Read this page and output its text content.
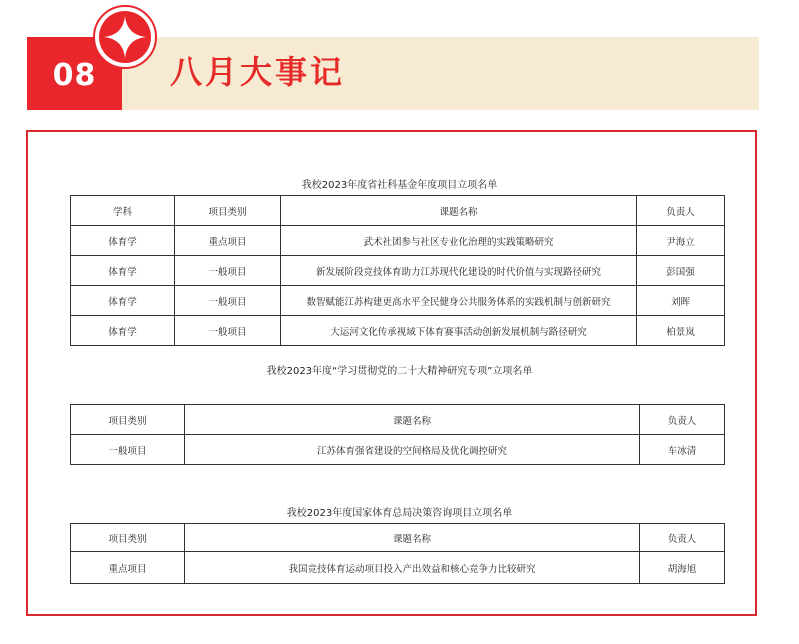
08	八月大事记
我校2023年度省社科基金年度项目立项名单
学科	项目类别	课题名称	负责人
体育学	重点项目	武术社团参与社区专业化治理的实践策略研究	尹海立
体育学	一般项目	新发展阶段竞技体育助力江苏现代化建设的时代价值与实现路径研究	彭国强
体育学	一般项目	数智赋能江苏构建更高水平全民健身公共服务体系的实践机制与创新研究	刘晖
体育学	一般项目	大运河文化传承视域下体育赛事活动创新发展机制与路径研究	柏景岚
我校2023年度“学习贯彻党的二十大精神研究专项”立项名单
项目类别	课题名称	负责人
一般项目	江苏体育强省建设的空间格局及优化调控研究	车冰清
我校2023年度国家体育总局决策咨询项目立项名单
项目类别	课题名称	负责人
重点项目	我国竞技体育运动项目投入产出效益和核心竞争力比较研究	胡海旭
